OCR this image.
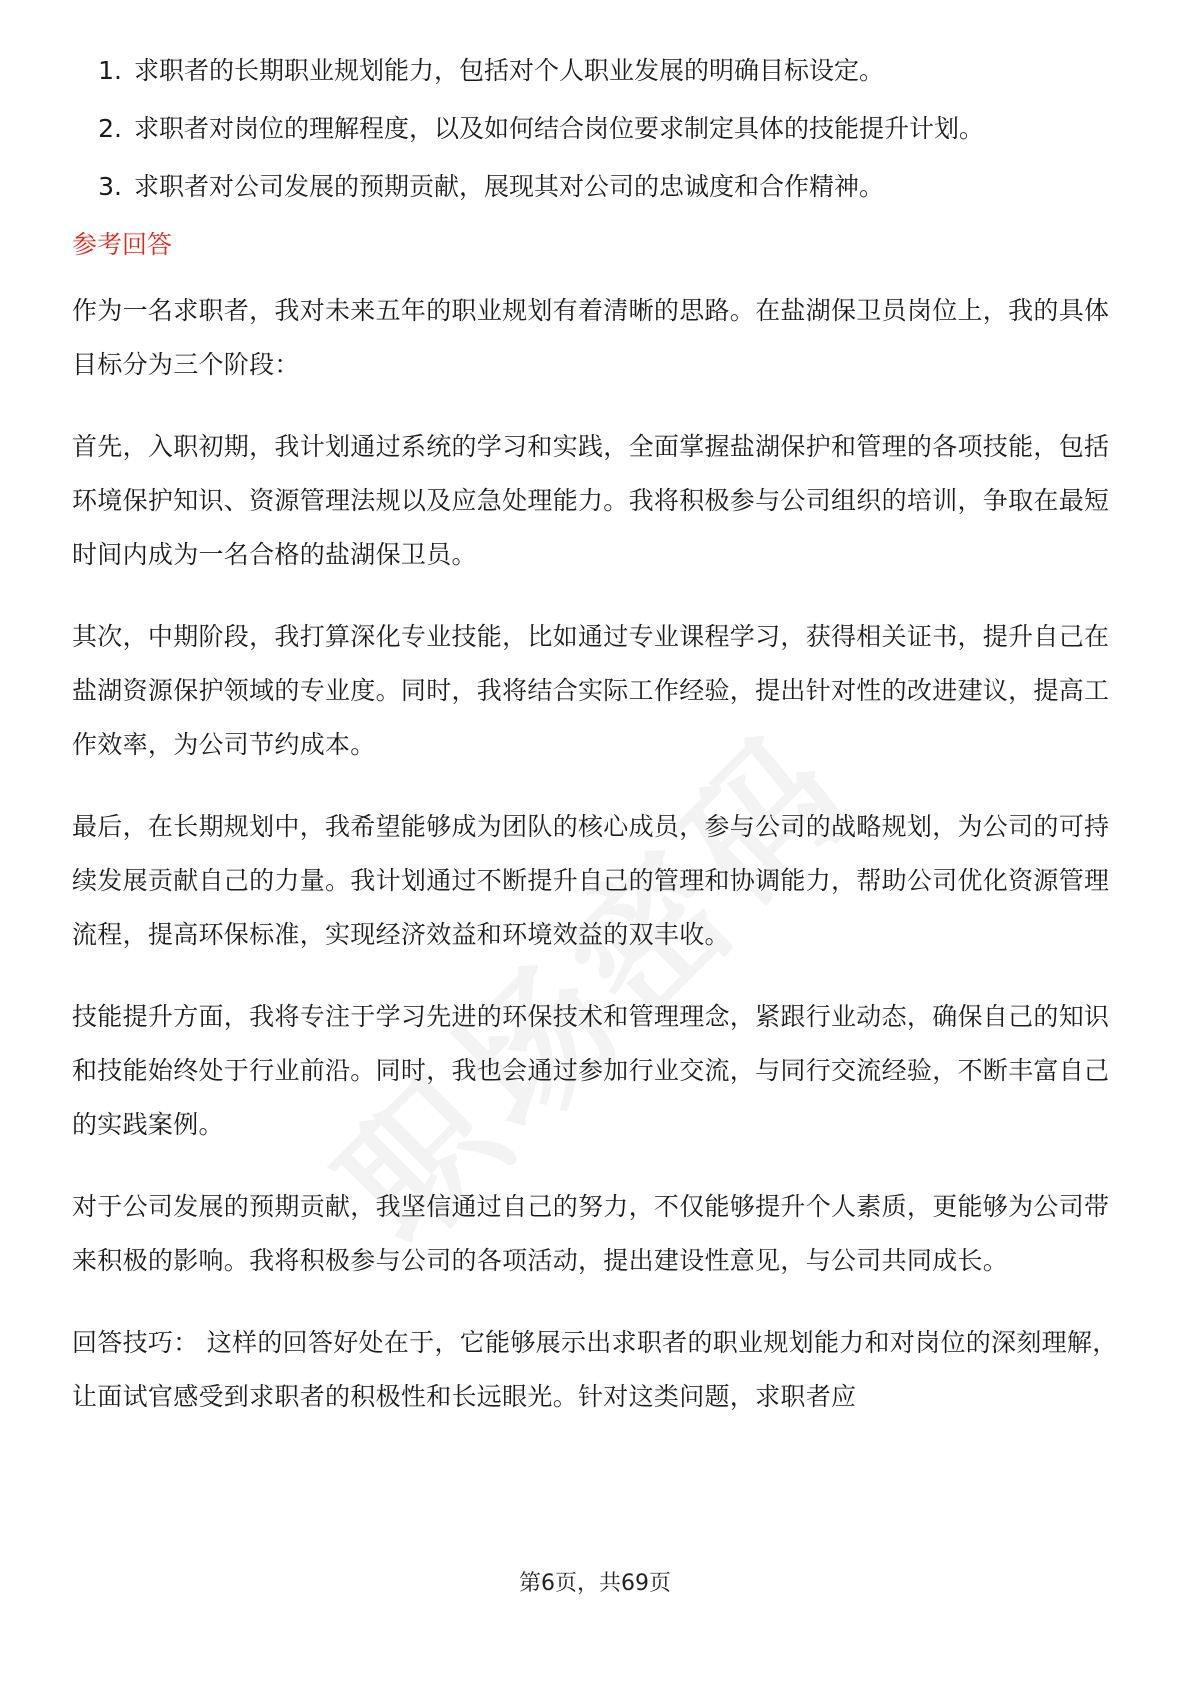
1. 求职者的长期职业规划能力，包括对个人职业发展的明确目标设定。
2. 求职者对岗位的理解程度，以及如何结合岗位要求制定具体的技能提升计划。
3. 求职者对公司发展的预期贡献，展现其对公司的忠诚度和合作精神。
参考回答

作为一名求职者，我对未来五年的职业规划有着清晰的思路。在盐湖保卫员岗位上，我的具体目标分为三个阶段：

首先，入职初期，我计划通过系统的学习和实践，全面掌握盐湖保护和管理的各项技能，包括环境保护知识、资源管理法规以及应急处理能力。我将积极参与公司组织的培训，争取在最短时间内成为一名合格的盐湖保卫员。

其次，中期阶段，我打算深化专业技能，比如通过专业课程学习，获得相关证书，提升自己在盐湖资源保护领域的专业度。同时，我将结合实际工作经验，提出针对性的改进建议，提高工作效率，为公司节约成本。

最后，在长期规划中，我希望能够成为团队的核心成员，参与公司的战略规划，为公司的可持续发展贡献自己的力量。我计划通过不断提升自己的管理和协调能力，帮助公司优化资源管理流程，提高环保标准，实现经济效益和环境效益的双丰收。

技能提升方面，我将专注于学习先进的环保技术和管理理念，紧跟行业动态，确保自己的知识和技能始终处于行业前沿。同时，我也会通过参加行业交流，与同行交流经验，不断丰富自己的实践案例。

对于公司发展的预期贡献，我坚信通过自己的努力，不仅能够提升个人素质，更能够为公司带来积极的影响。我将积极参与公司的各项活动，提出建设性意见，与公司共同成长。

回答技巧： 这样的回答好处在于，它能够展示出求职者的职业规划能力和对岗位的深刻理解，让面试官感受到求职者的积极性和长远眼光。针对这类问题，求职者应

第6页，共69页
